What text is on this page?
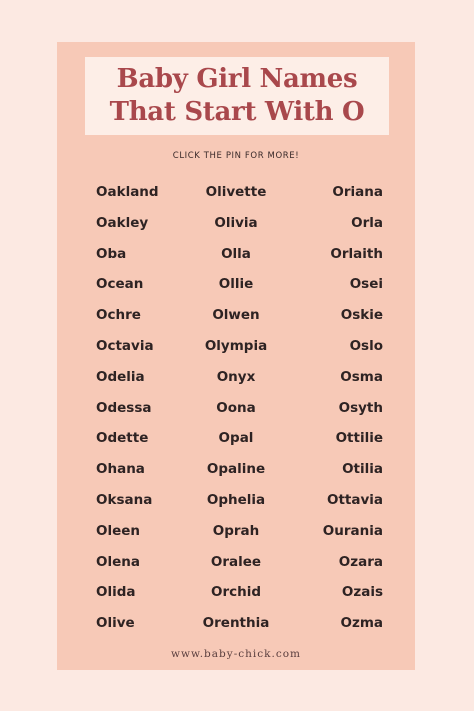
Baby Girl Names
That Start With O
CLICK THE PIN FOR MORE!
Oakland	Olivette	Oriana
Oakley	Olivia	Orla
Oba	Olla	Orlaith
Ocean	Ollie	Osei
Ochre	Olwen	Oskie
Octavia	Olympia	Oslo
Odelia	Onyx	Osma
Odessa	Oona	Osyth
Odette	Opal	Ottilie
Ohana	Opaline	Otilia
Oksana	Ophelia	Ottavia
Oleen	Oprah	Ourania
Olena	Oralee	Ozara
Olida	Orchid	Ozais
Olive	Orenthia	Ozma
www.baby-chick.com
